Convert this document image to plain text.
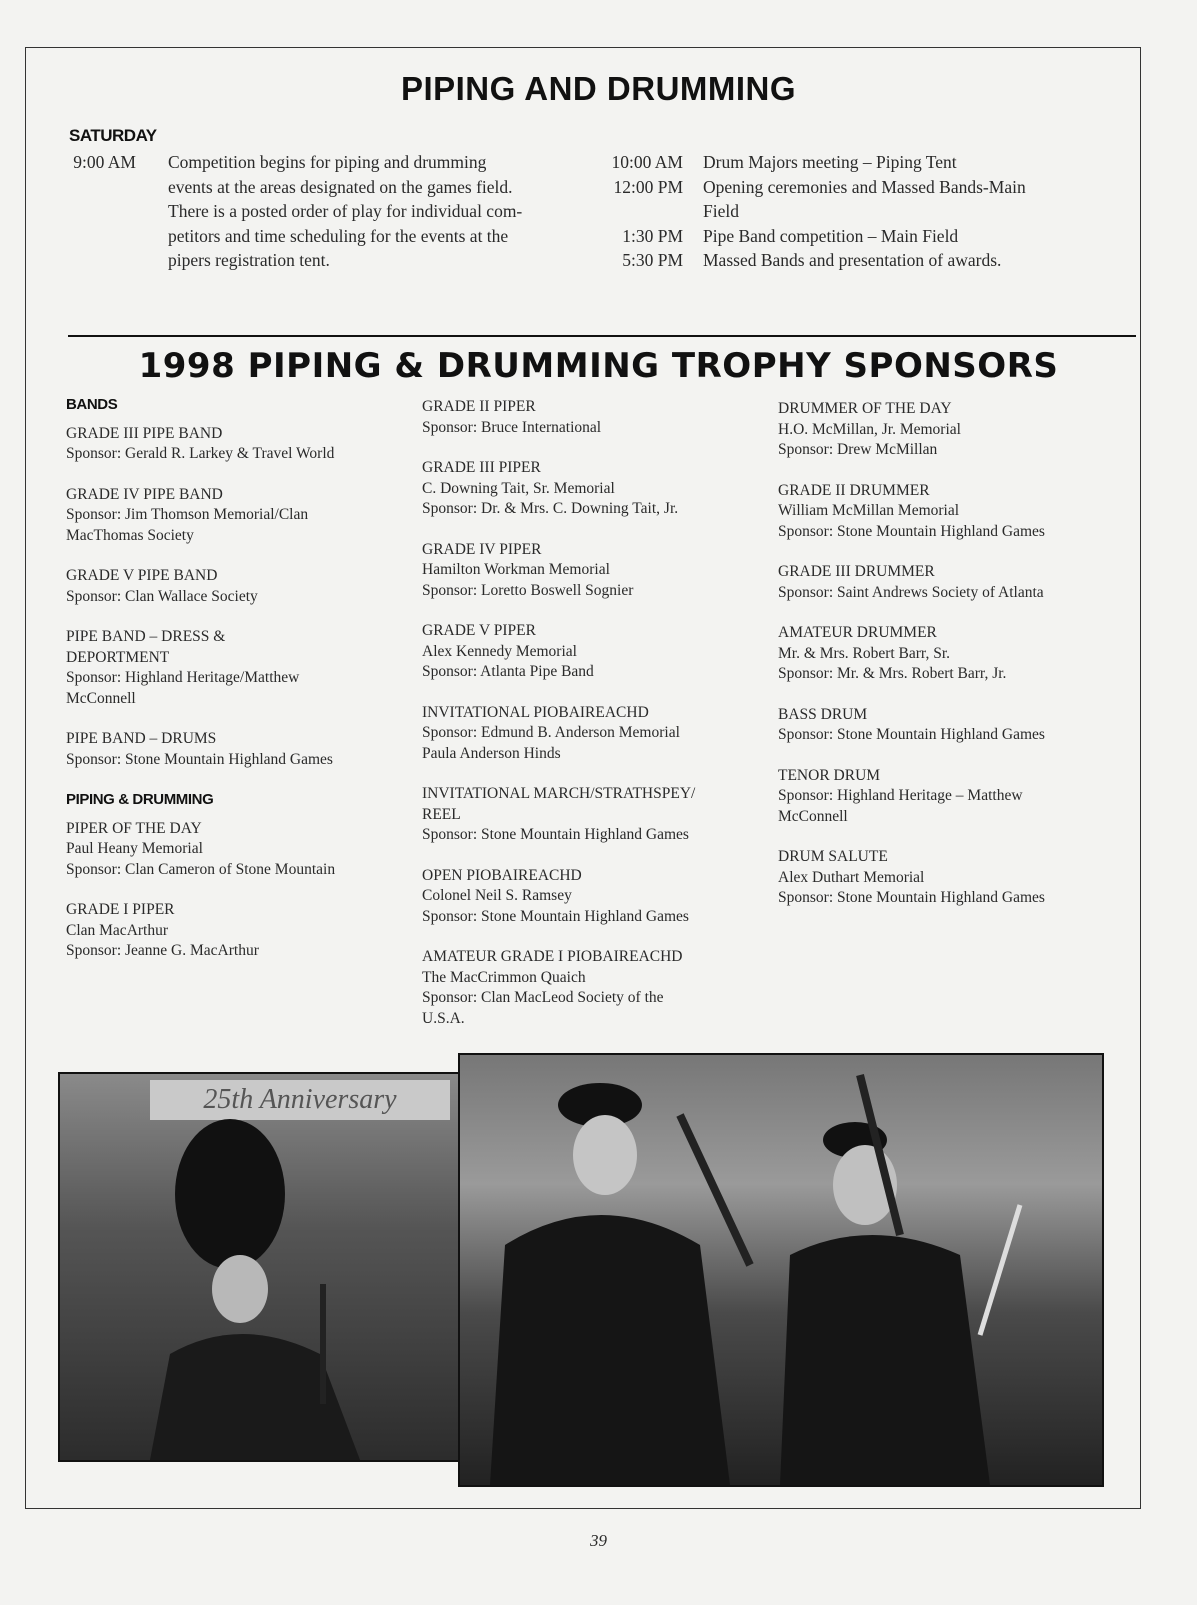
PIPING AND DRUMMING
SATURDAY
9:00 AM Competition begins for piping and drumming
events at the areas designated on the games field.
There is a posted order of play for individual com-
petitors and time scheduling for the events at the
pipers registration tent.
10:00 AM Drum Majors meeting – Piping Tent
12:00 PM Opening ceremonies and Massed Bands-Main
Field
1:30 PM Pipe Band competition – Main Field
5:30 PM Massed Bands and presentation of awards.
1998 PIPING & DRUMMING TROPHY SPONSORS
BANDS
GRADE III PIPE BAND
Sponsor: Gerald R. Larkey & Travel World
GRADE IV PIPE BAND
Sponsor: Jim Thomson Memorial/Clan
MacThomas Society
GRADE V PIPE BAND
Sponsor: Clan Wallace Society
PIPE BAND – DRESS &
DEPORTMENT
Sponsor: Highland Heritage/Matthew
McConnell
PIPE BAND – DRUMS
Sponsor: Stone Mountain Highland Games
PIPING & DRUMMING
PIPER OF THE DAY
Paul Heany Memorial
Sponsor: Clan Cameron of Stone Mountain
GRADE I PIPER
Clan MacArthur
Sponsor: Jeanne G. MacArthur
GRADE II PIPER
Sponsor: Bruce International
GRADE III PIPER
C. Downing Tait, Sr. Memorial
Sponsor: Dr. & Mrs. C. Downing Tait, Jr.
GRADE IV PIPER
Hamilton Workman Memorial
Sponsor: Loretto Boswell Sognier
GRADE V PIPER
Alex Kennedy Memorial
Sponsor: Atlanta Pipe Band
INVITATIONAL PIOBAIREACHD
Sponsor: Edmund B. Anderson Memorial
Paula Anderson Hinds
INVITATIONAL MARCH/STRATHSPEY/
REEL
Sponsor: Stone Mountain Highland Games
OPEN PIOBAIREACHD
Colonel Neil S. Ramsey
Sponsor: Stone Mountain Highland Games
AMATEUR GRADE I PIOBAIREACHD
The MacCrimmon Quaich
Sponsor: Clan MacLeod Society of the
U.S.A.
DRUMMER OF THE DAY
H.O. McMillan, Jr. Memorial
Sponsor: Drew McMillan
GRADE II DRUMMER
William McMillan Memorial
Sponsor: Stone Mountain Highland Games
GRADE III DRUMMER
Sponsor: Saint Andrews Society of Atlanta
AMATEUR DRUMMER
Mr. & Mrs. Robert Barr, Sr.
Sponsor: Mr. & Mrs. Robert Barr, Jr.
BASS DRUM
Sponsor: Stone Mountain Highland Games
TENOR DRUM
Sponsor: Highland Heritage – Matthew
McConnell
DRUM SALUTE
Alex Duthart Memorial
Sponsor: Stone Mountain Highland Games
25th Anniversary
39
